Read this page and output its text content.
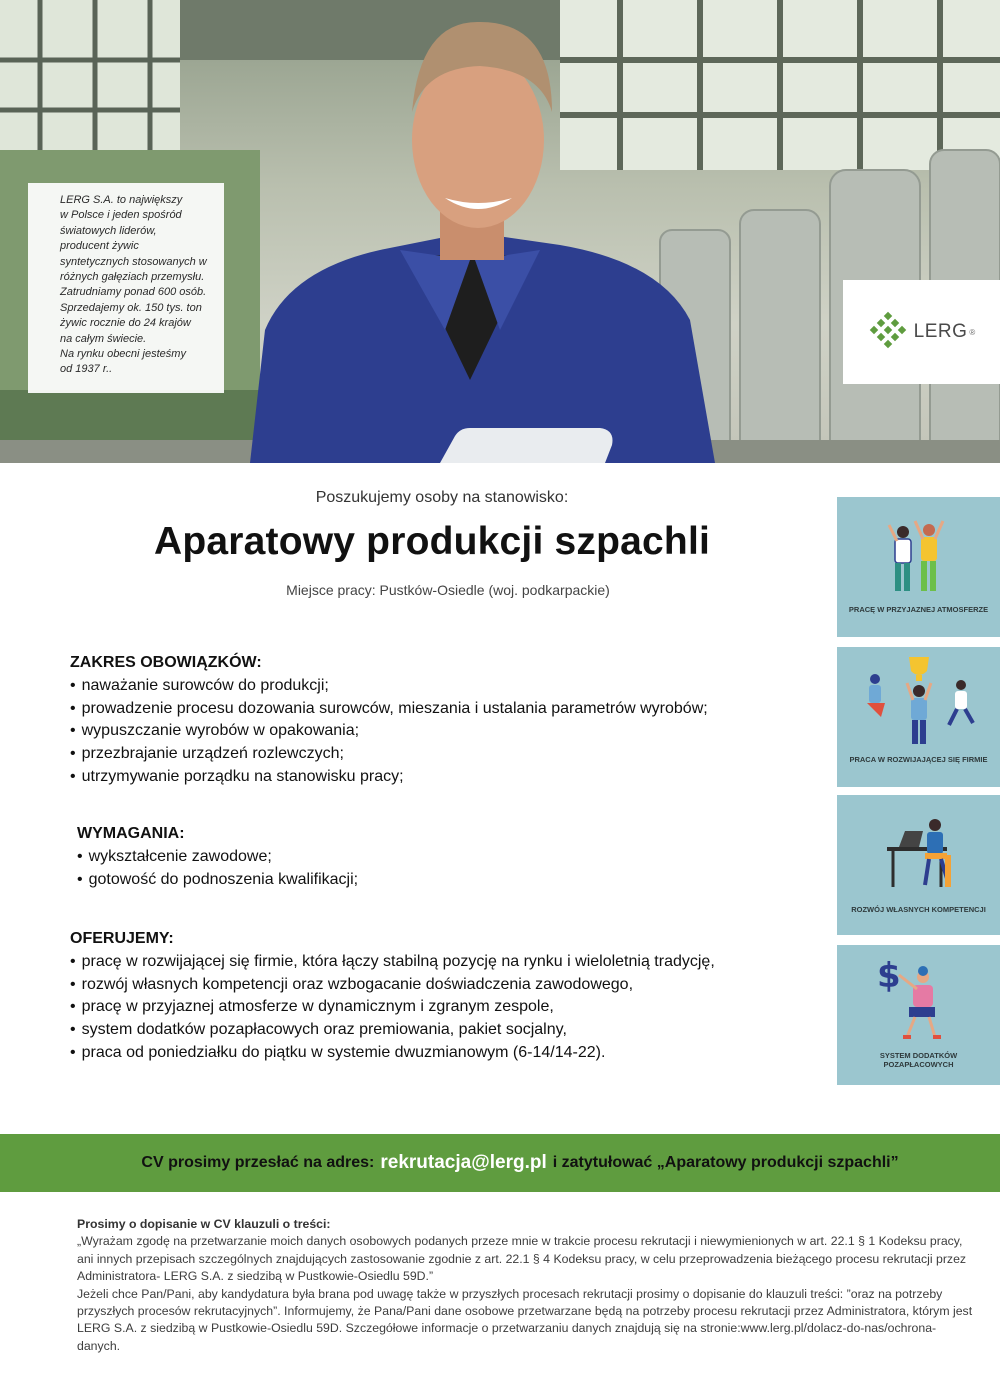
LERG S.A. to największy
w Polsce i jeden spośród
światowych liderów,
producent żywic
syntetycznych stosowanych w
różnych gałęziach przemysłu.
Zatrudniamy ponad 600 osób.
Sprzedajemy ok. 150 tys. ton
żywic rocznie do 24 krajów
na całym świecie.
Na rynku obecni jesteśmy
od 1937 r..
LERG ®
Poszukujemy osoby na stanowisko:
Aparatowy produkcji szpachli
Miejsce pracy: Pustków-Osiedle (woj. podkarpackie)
ZAKRES OBOWIĄZKÓW:
• naważanie surowców do produkcji;
• prowadzenie procesu dozowania surowców, mieszania i ustalania parametrów wyrobów;
• wypuszczanie wyrobów w opakowania;
• przezbrajanie urządzeń rozlewczych;
• utrzymywanie porządku na stanowisku pracy;
WYMAGANIA:
• wykształcenie zawodowe;
• gotowość do podnoszenia kwalifikacji;
OFERUJEMY:
• pracę w rozwijającej się firmie, która łączy stabilną pozycję na rynku i wieloletnią tradycję,
• rozwój własnych kompetencji oraz wzbogacanie doświadczenia zawodowego,
• pracę w przyjaznej atmosferze w dynamicznym i zgranym zespole,
• system dodatków pozapłacowych oraz premiowania, pakiet socjalny,
• praca od poniedziałku do piątku w systemie dwuzmianowym (6-14/14-22).
PRACĘ W PRZYJAZNEJ ATMOSFERZE
PRACA W ROZWIJAJĄCEJ SIĘ FIRMIE
ROZWÓJ WŁASNYCH KOMPETENCJI
$
SYSTEM DODATKÓW POZAPŁACOWYCH
CV prosimy przesłać na adres: rekrutacja@lerg.pl i zatytułować „Aparatowy produkcji szpachli”
Prosimy o dopisanie w CV klauzuli o treści:
„Wyrażam zgodę na przetwarzanie moich danych osobowych podanych przeze mnie w trakcie procesu rekrutacji i niewymienionych w art. 22.1 § 1 Kodeksu pracy, ani innych przepisach szczególnych znajdujących zastosowanie zgodnie z art. 22.1 § 4 Kodeksu pracy, w celu przeprowadzenia bieżącego procesu rekrutacji przez Administratora- LERG S.A. z siedzibą w Pustkowie-Osiedlu 59D.”
Jeżeli chce Pan/Pani, aby kandydatura była brana pod uwagę także w przyszłych procesach rekrutacji prosimy o dopisanie do klauzuli treści: ”oraz na potrzeby przyszłych procesów rekrutacyjnych”. Informujemy, że Pana/Pani dane osobowe przetwarzane będą na potrzeby procesu rekrutacji przez Administratora, którym jest LERG S.A. z siedzibą w Pustkowie-Osiedlu 59D. Szczegółowe informacje o przetwarzaniu danych znajdują się na stronie:www.lerg.pl/dolacz-do-nas/ochrona-danych.
